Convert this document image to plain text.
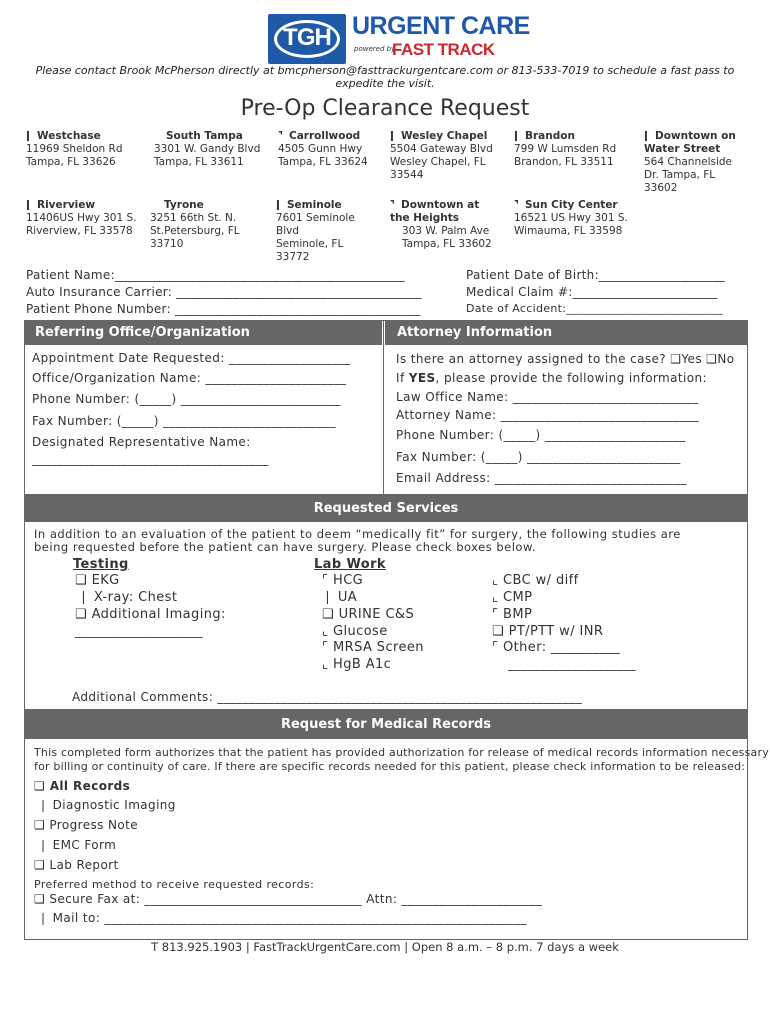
TGH URGENT CARE
powered by
FAST TRACK
Please contact Brook McPherson directly at bmcpherson@fasttrackurgentcare.com or 813-533-7019 to schedule a fast pass to
expedite the visit.
Pre-Op Clearance Request
ǀ Westchase
11969 Sheldon Rd
Tampa, FL 33626
South Tampa
3301 W. Gandy Blvd
Tampa, FL 33611
⌝ Carrollwood
4505 Gunn Hwy
Tampa, FL 33624
ǀ Wesley Chapel
5504 Gateway Blvd
Wesley Chapel, FL
33544
ǀ Brandon
799 W Lumsden Rd
Brandon, FL 33511
ǀ Downtown on
Water Street
564 Channelside
Dr. Tampa, FL
33602
ǀ Riverview
11406US Hwy 301 S.
Riverview, FL 33578
Tyrone
3251 66th St. N.
St.Petersburg, FL
33710
ǀ Seminole
7601 Seminole
Blvd
Seminole, FL
33772
⌝ Downtown at
the Heights
303 W. Palm Ave
Tampa, FL 33602
⌝ Sun City Center
16521 US Hwy 301 S.
Wimauma, FL 33598
Patient Name:______________________________________________
Auto Insurance Carrier: _______________________________________
Patient Phone Number: _______________________________________
Patient Date of Birth:____________________
Medical Claim #:_______________________
Date of Accident:___________________________
Referring Office/Organization	Attorney Information
Appointment Date Requested: ___________________
Office/Organization Name: ______________________
Phone Number: (_____) _________________________
Fax Number: (_____) ___________________________
Designated Representative Name:
_____________________________________
Is there an attorney assigned to the case? ❑Yes ❑No
If YES, please provide the following information:
Law Office Name: _____________________________
Attorney Name: _______________________________
Phone Number: (_____) ______________________
Fax Number: (_____) ________________________
Email Address: ______________________________
Requested Services
In addition to an evaluation of the patient to deem “medically fit” for surgery, the following studies are
being requested before the patient can have surgery. Please check boxes below.
Testing
❑ EKG
❘ X-ray: Chest
❑ Additional Imaging:
____________________
Lab Work
⌜ HCG
❘ UA
❑ URINE C&S
⌞ Glucose
⌜ MRSA Screen
⌞ HgB A1c
⌞ CBC w/ diff
⌞ CMP
⌜ BMP
❑ PT/PTT w/ INR
⌜ Other: __________
____________________
Additional Comments: _________________________________________________________
Request for Medical Records
This completed form authorizes that the patient has provided authorization for release of medical records information necessary
for billing or continuity of care. If there are specific records needed for this patient, please check information to be released:
❑ All Records
❘ Diagnostic Imaging
❑ Progress Note
❘ EMC Form
❑ Lab Report
Preferred method to receive requested records:
❑ Secure Fax at: __________________________________ Attn: ______________________
❘ Mail to: __________________________________________________________________
T 813.925.1903 | FastTrackUrgentCare.com | Open 8 a.m. – 8 p.m. 7 days a week
